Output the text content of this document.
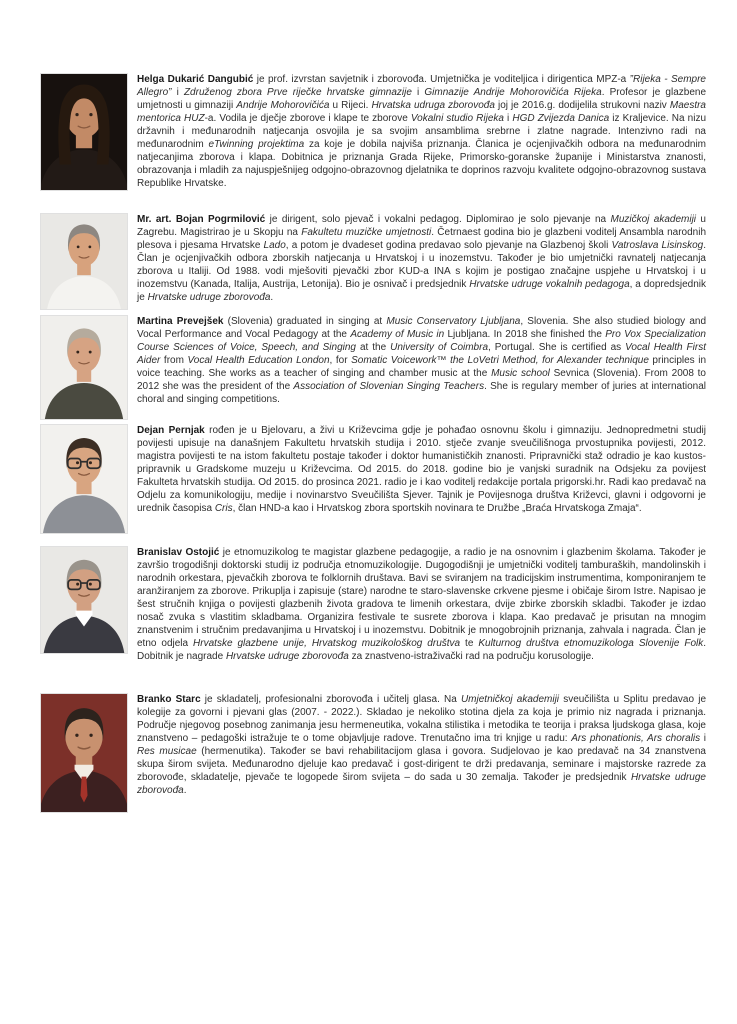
Helga Dukarić Dangubić je prof. izvrstan savjetnik i zborovođa. Umjetnička je voditeljica i dirigentica MPZ-a ”Rijeka - Sempre Allegro” i Združenog zbora Prve riječke hrvatske gimnazije i Gimnazije Andrije Mohorovičića Rijeka. Profesor je glazbene umjetnosti u gimnaziji Andrije Mohorovičića u Rijeci. Hrvatska udruga zborovođa joj je 2016.g. dodijelila strukovni naziv Maestra mentorica HUZ-a. Vodila je dječje zborove i klape te zborove Vokalni studio Rijeka i HGD Zvijezda Danica iz Kraljevice. Na nizu državnih i međunarodnih natjecanja osvojila je sa svojim ansamblima srebrne i zlatne nagrade. Intenzivno radi na međunarodnim eTwinning projektima za koje je dobila najviša priznanja. Članica je ocjenjivačkih odbora na međunarodnim natjecanjima zborova i klapa. Dobitnica je priznanja Grada Rijeke, Primorsko-goranske županije i Ministarstva znanosti, obrazovanja i mladih za najuspješnijeg odgojno-obrazovnog djelatnika te doprinos razvoju kvalitete odgojno-obrazovnog sustava Republike Hrvatske.

Mr. art. Bojan Pogrmilović je dirigent, solo pjevač i vokalni pedagog. Diplomirao je solo pjevanje na Muzičkoj akademiji u Zagrebu. Magistrirao je u Skopju na Fakultetu muzičke umjetnosti. Četrnaest godina bio je glazbeni voditelj Ansambla narodnih plesova i pjesama Hrvatske Lado, a potom je dvadeset godina predavao solo pjevanje na Glazbenoj školi Vatroslava Lisinskog. Član je ocjenjivačkih odbora zborskih natjecanja u Hrvatskoj i u inozemstvu. Također je bio umjetnički ravnatelj natjecanja zborova u Italiji. Od 1988. vodi mješoviti pjevački zbor KUD-a INA s kojim je postigao značajne uspjehe u Hrvatskoj i u inozemstvu (Kanada, Italija, Austrija, Letonija). Bio je osnivač i predsjednik Hrvatske udruge vokalnih pedagoga, a dopredsjednik je Hrvatske udruge zborovođa.

Martina Prevejšek (Slovenia) graduated in singing at Music Conservatory Ljubljana, Slovenia. She also studied biology and Vocal Performance and Vocal Pedagogy at the Academy of Music in Ljubljana. In 2018 she finished the Pro Vox Specialization Course Sciences of Voice, Speech, and Singing at the University of Coimbra, Portugal. She is certified as Vocal Health First Aider from Vocal Health Education London, for Somatic Voicework™ the LoVetri Method, for Alexander technique principles in voice teaching. She works as a teacher of singing and chamber music at the Music school Sevnica (Slovenia). From 2008 to 2012 she was the president of the Association of Slovenian Singing Teachers. She is regulary member of juries at international choral and singing competitions.

Dejan Pernjak rođen je u Bjelovaru, a živi u Križevcima gdje je pohađao osnovnu školu i gimnaziju. Jednopredmetni studij povijesti upisuje na današnjem Fakultetu hrvatskih studija i 2010. stječe zvanje sveučilišnoga prvostupnika povijesti, 2012. magistra povijesti te na istom fakultetu postaje također i doktor humanističkih znanosti. Pripravnički staž odradio je kao kustos-pripravnik u Gradskome muzeju u Križevcima. Od 2015. do 2018. godine bio je vanjski suradnik na Odsjeku za povijest Fakulteta hrvatskih studija. Od 2015. do prosinca 2021. radio je i kao voditelj redakcije portala prigorski.hr. Radi kao predavač na Odjelu za komunikologiju, medije i novinarstvo Sveučilišta Sjever. Tajnik je Povijesnoga društva Križevci, glavni i odgovorni je urednik časopisa Cris, član HND-a kao i Hrvatskog zbora sportskih novinara te Družbe „Braća Hrvatskoga Zmaja“.

Branislav Ostojić je etnomuzikolog te magistar glazbene pedagogije, a radio je na osnovnim i glazbenim školama. Također je završio trogodišnji doktorski studij iz područja etnomuzikologije. Dugogodišnji je umjetnički voditelj tamburaških, mandolinskih i narodnih orkestara, pjevačkih zborova te folklornih društava. Bavi se sviranjem na tradicijskim instrumentima, komponiranjem te aranžiranjem za zborove. Prikuplja i zapisuje (stare) narodne te staro-slavenske crkvene pjesme i običaje širom Istre. Napisao je šest stručnih knjiga o povijesti glazbenih života gradova te limenih orkestara, dvije zbirke zborskih skladbi. Također je izdao nosač zvuka s vlastitim skladbama. Organizira festivale te susrete zborova i klapa. Kao predavač je prisutan na mnogim znanstvenim i stručnim predavanjima u Hrvatskoj i u inozemstvu. Dobitnik je mnogobrojnih priznanja, zahvala i nagrada. Član je etno odjela Hrvatske glazbene unije, Hrvatskog muzikološkog društva te Kulturnog društva etnomuzikologa Slovenije Folk. Dobitnik je nagrade Hrvatske udruge zborovođa za znastveno-istraživački rad na području korusologije.

Branko Starc je skladatelj, profesionalni zborovođa i učitelj glasa. Na Umjetničkoj akademiji sveučilišta u Splitu predavao je kolegije za govorni i pjevani glas (2007. - 2022.). Skladao je nekoliko stotina djela za koja je primio niz nagrada i priznanja. Područje njegovog posebnog zanimanja jesu hermeneutika, vokalna stilistika i metodika te teorija i praksa ljudskoga glasa, koje znanstveno – pedagoški istražuje te o tome objavljuje radove. Trenutačno ima tri knjige u radu: Ars phonationis, Ars choralis i Res musicae (hermenutika). Također se bavi rehabilitacijom glasa i govora. Sudjelovao je kao predavač na 34 znanstvena skupa širom svijeta. Međunarodno djeluje kao predavač i gost-dirigent te drži predavanja, seminare i majstorske razrede za zborovođe, skladatelje, pjevače te logopede širom svijeta – do sada u 30 zemalja. Također je predsjednik Hrvatske udruge zborovođa.
